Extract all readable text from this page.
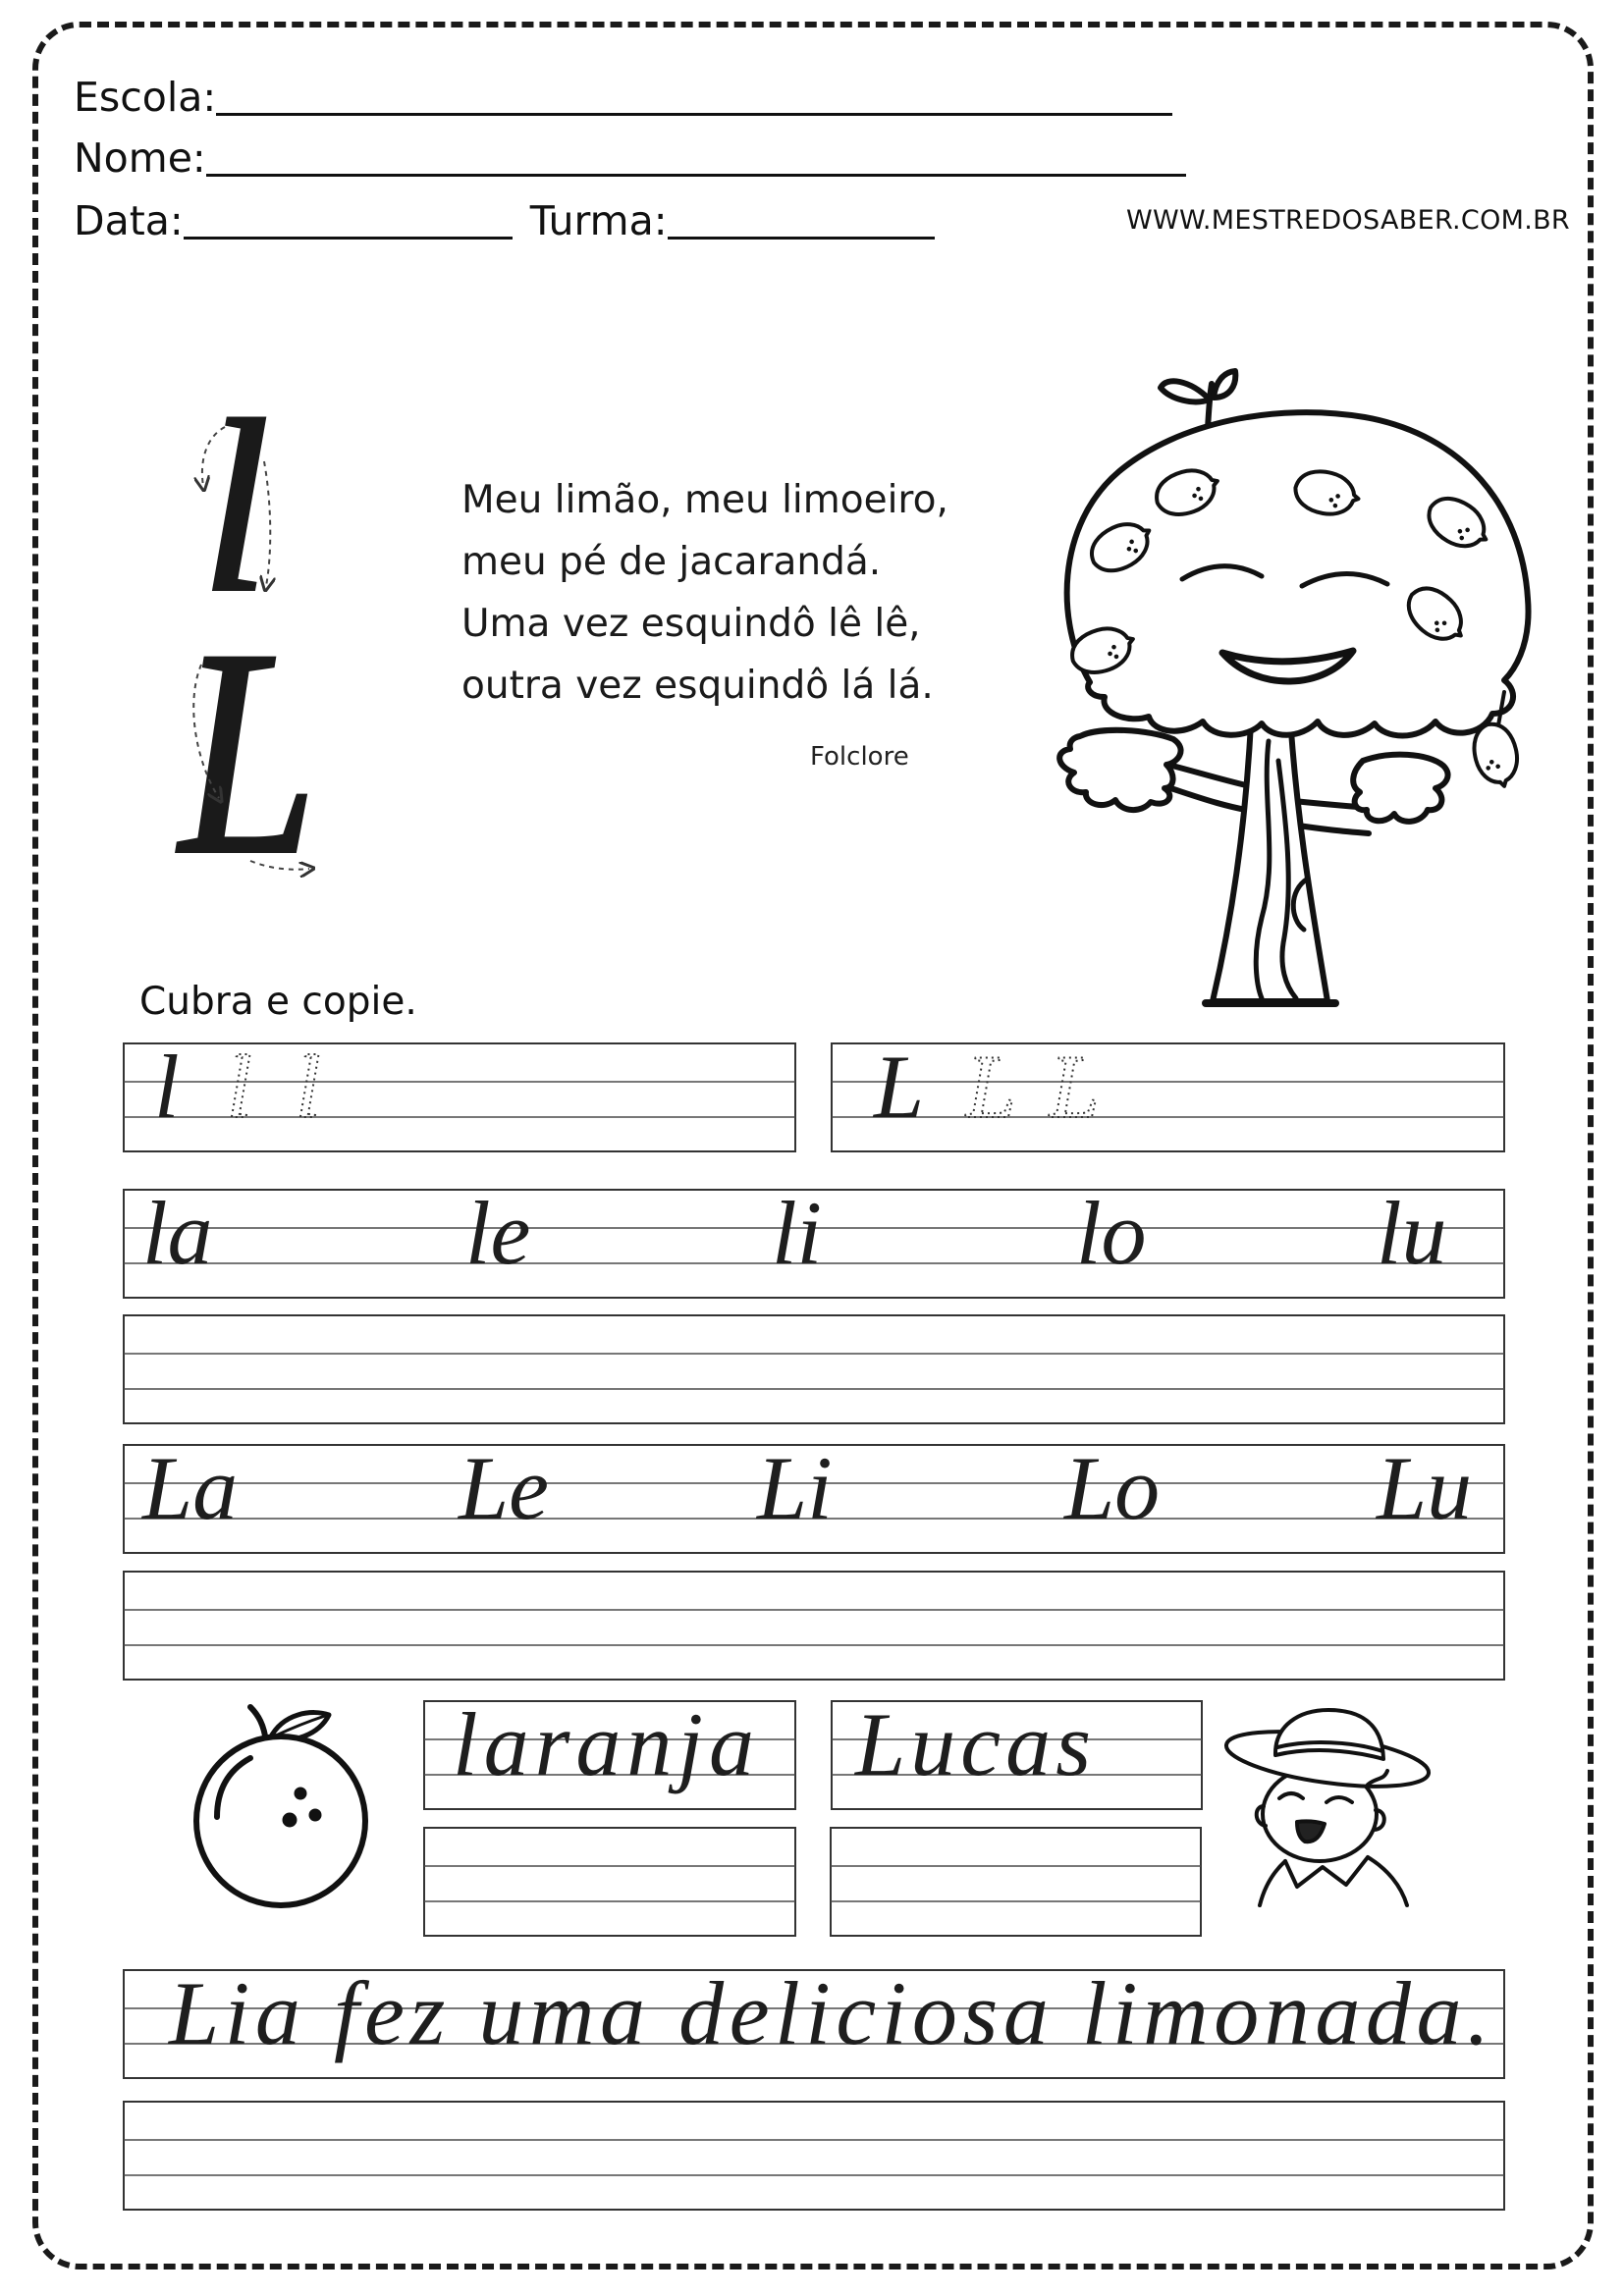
Escola:
Nome:
Data:	Turma:	WWW.MESTREDOSABER.COM.BR
l
L
Meu limão, meu limoeiro,
meu pé de jacarandá.
Uma vez esquindô lê lê,
outra vez esquindô lá lá.
Folclore
Cubra e copie.
l l l	L L L
la	le	li	lo	lu
La Le Li	Lo Lu
laranja Lucas
Lia fez uma deliciosa limonada.
